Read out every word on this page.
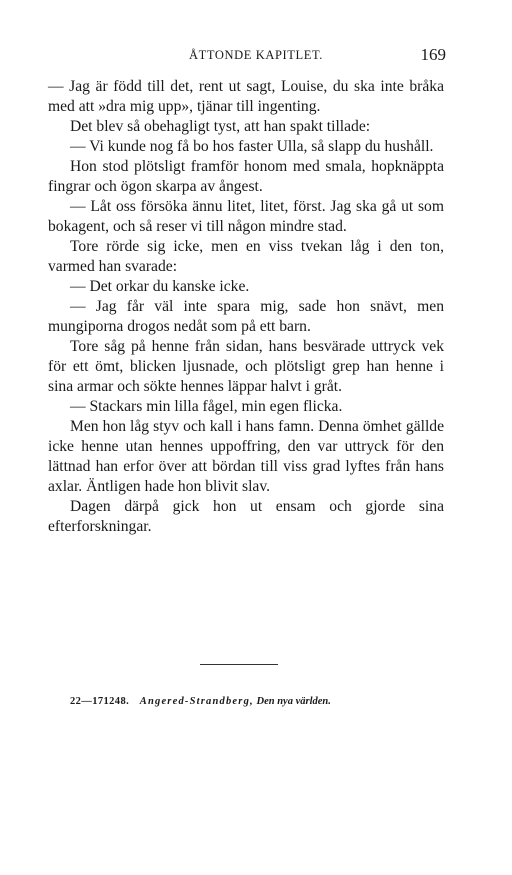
ÅTTONDE KAPITLET.	169

— Jag är född till det, rent ut sagt, Louise, du ska inte bråka med att »dra mig upp», tjänar till ingenting.

Det blev så obehagligt tyst, att han spakt tillade:

— Vi kunde nog få bo hos faster Ulla, så slapp du hushåll.

Hon stod plötsligt framför honom med smala, hopknäppta fingrar och ögon skarpa av ångest.

— Låt oss försöka ännu litet, litet, först. Jag ska gå ut som bokagent, och så reser vi till någon mindre stad.

Tore rörde sig icke, men en viss tvekan låg i den ton, varmed han svarade:

— Det orkar du kanske icke.

— Jag får väl inte spara mig, sade hon snävt, men mungiporna drogos nedåt som på ett barn.

Tore såg på henne från sidan, hans besvärade uttryck vek för ett ömt, blicken ljusnade, och plötsligt grep han henne i sina armar och sökte hennes läppar halvt i gråt.

— Stackars min lilla fågel, min egen flicka.

Men hon låg styv och kall i hans famn. Denna ömhet gällde icke henne utan hennes uppoffring, den var uttryck för den lättnad han erfor över att bördan till viss grad lyftes från hans axlar. Äntligen hade hon blivit slav.

Dagen därpå gick hon ut ensam och gjorde sina efterforskningar.

22—171248. Angered-Strandberg, Den nya världen.
